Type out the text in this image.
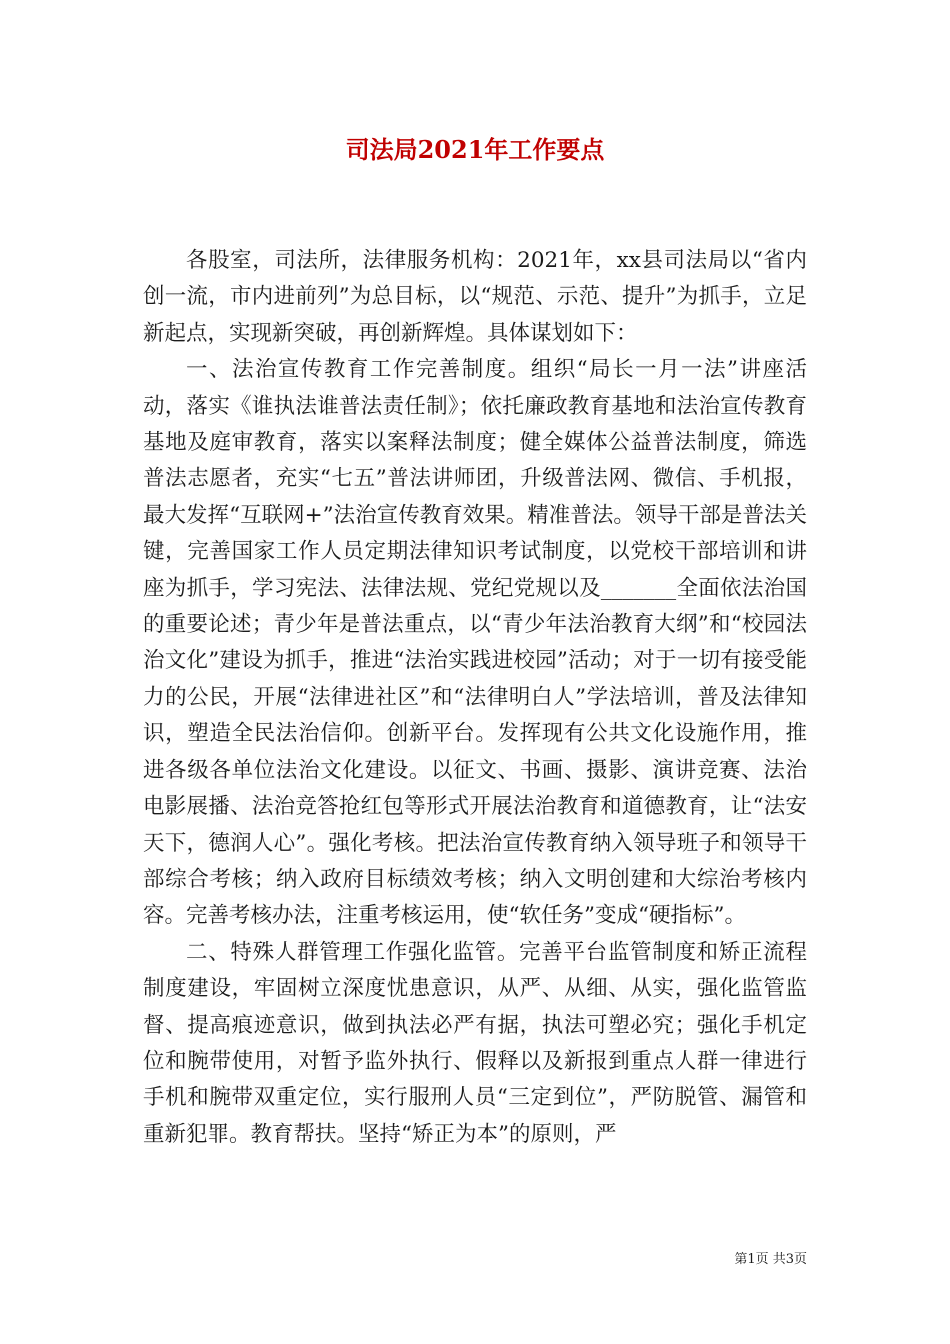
司法局2021年工作要点

各股室，司法所，法律服务机构：2021年，xx县司法局以“省内创一流，市内进前列”为总目标，以“规范、示范、提升”为抓手，立足新起点，实现新突破，再创新辉煌。具体谋划如下：

一、法治宣传教育工作完善制度。组织“局长一月一法”讲座活动，落实《谁执法谁普法责任制》；依托廉政教育基地和法治宣传教育基地及庭审教育，落实以案释法制度；健全媒体公益普法制度，筛选普法志愿者，充实“七五”普法讲师团，升级普法网、微信、手机报，最大发挥“互联网+”法治宣传教育效果。精准普法。领导干部是普法关键，完善国家工作人员定期法律知识考试制度，以党校干部培训和讲座为抓手，学习宪法、法律法规、党纪党规以及_______全面依法治国的重要论述；青少年是普法重点，以“青少年法治教育大纲”和“校园法治文化”建设为抓手，推进“法治实践进校园”活动；对于一切有接受能力的公民，开展“法律进社区”和“法律明白人”学法培训，普及法律知识，塑造全民法治信仰。创新平台。发挥现有公共文化设施作用，推进各级各单位法治文化建设。以征文、书画、摄影、演讲竞赛、法治电影展播、法治竞答抢红包等形式开展法治教育和道德教育，让“法安天下，德润人心”。强化考核。把法治宣传教育纳入领导班子和领导干部综合考核；纳入政府目标绩效考核；纳入文明创建和大综治考核内容。完善考核办法，注重考核运用，使“软任务”变成“硬指标”。

二、特殊人群管理工作强化监管。完善平台监管制度和矫正流程制度建设，牢固树立深度忧患意识，从严、从细、从实，强化监管监督、提高痕迹意识，做到执法必严有据，执法可塑必究；强化手机定位和腕带使用，对暂予监外执行、假释以及新报到重点人群一律进行手机和腕带双重定位，实行服刑人员“三定到位”，严防脱管、漏管和重新犯罪。教育帮扶。坚持“矫正为本”的原则，严

第1页 共3页
